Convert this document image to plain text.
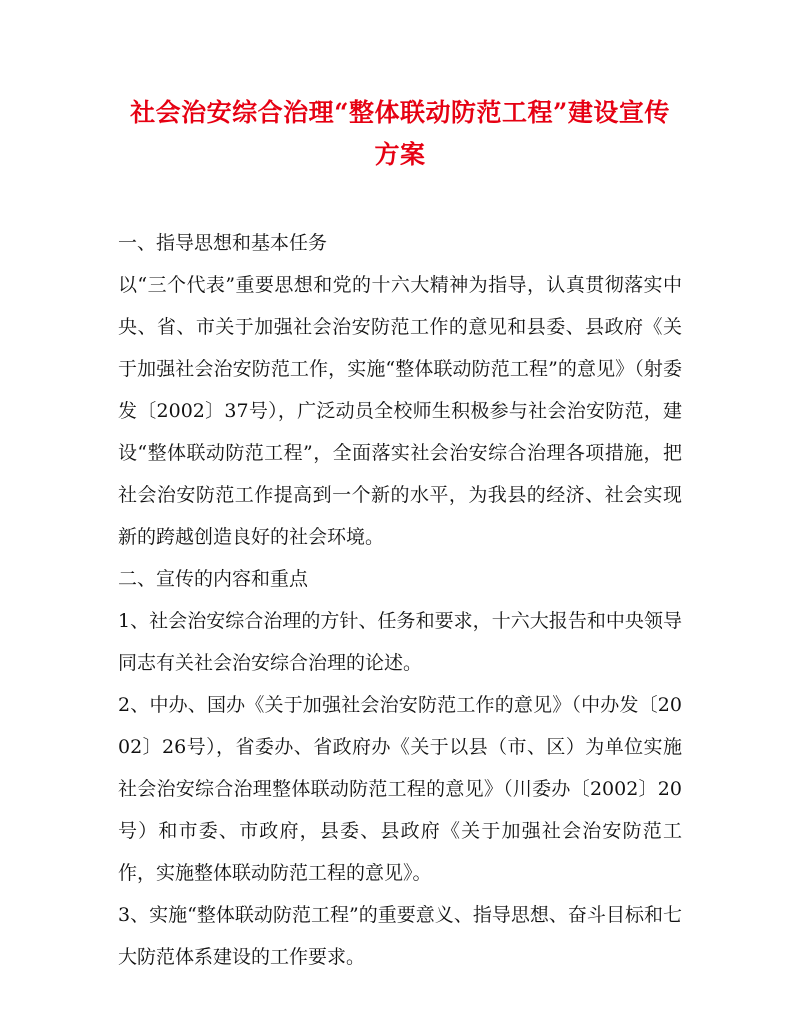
社会治安综合治理“整体联动防范工程”建设宣传方案

一、指导思想和基本任务

以“三个代表”重要思想和党的十六大精神为指导，认真贯彻落实中央、省、市关于加强社会治安防范工作的意见和县委、县政府《关于加强社会治安防范工作，实施“整体联动防范工程”的意见》（射委发〔2002〕37号），广泛动员全校师生积极参与社会治安防范，建设“整体联动防范工程”，全面落实社会治安综合治理各项措施，把社会治安防范工作提高到一个新的水平，为我县的经济、社会实现新的跨越创造良好的社会环境。

二、宣传的内容和重点

1、社会治安综合治理的方针、任务和要求，十六大报告和中央领导同志有关社会治安综合治理的论述。

2、中办、国办《关于加强社会治安防范工作的意见》（中办发〔2002〕26号），省委办、省政府办《关于以县（市、区）为单位实施社会治安综合治理整体联动防范工程的意见》（川委办〔2002〕20号）和市委、市政府，县委、县政府《关于加强社会治安防范工作，实施整体联动防范工程的意见》。

3、实施“整体联动防范工程”的重要意义、指导思想、奋斗目标和七大防范体系建设的工作要求。
